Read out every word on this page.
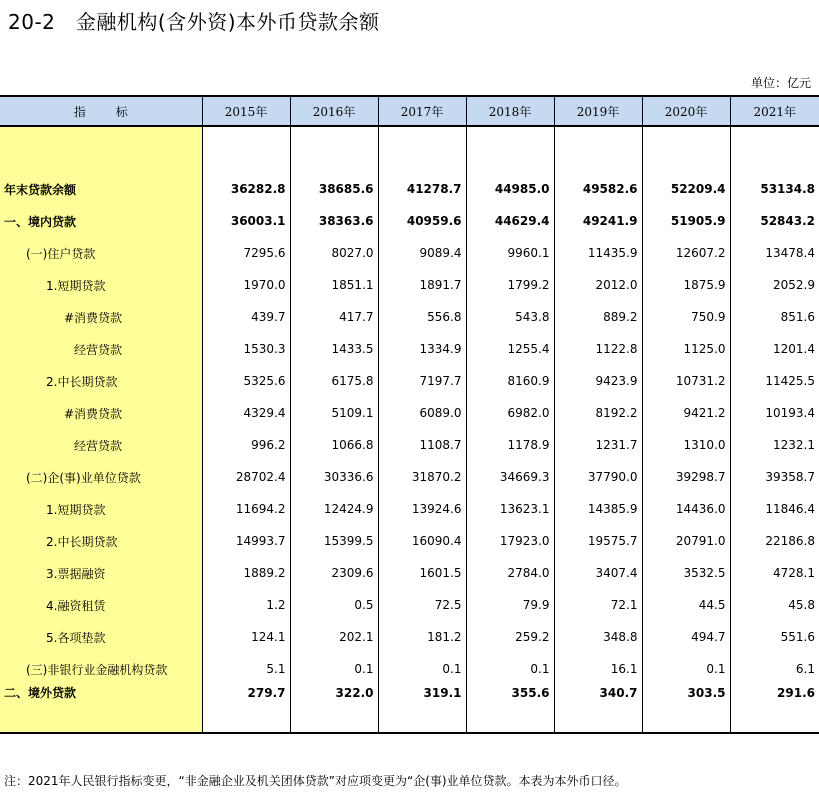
20-2　金融机构(含外资)本外币贷款余额
单位：亿元
指标	2015年	2016年	2017年	2018年	2019年	2020年	2021年

年末贷款余额	36282.8	38685.6	41278.7	44985.0	49582.6	52209.4	53134.8
一、境内贷款	36003.1	38363.6	40959.6	44629.4	49241.9	51905.9	52843.2
(一)住户贷款	7295.6	8027.0	9089.4	9960.1	11435.9	12607.2	13478.4
1.短期贷款	1970.0	1851.1	1891.7	1799.2	2012.0	1875.9	2052.9
#消费贷款	439.7	417.7	556.8	543.8	889.2	750.9	851.6
经营贷款	1530.3	1433.5	1334.9	1255.4	1122.8	1125.0	1201.4
2.中长期贷款	5325.6	6175.8	7197.7	8160.9	9423.9	10731.2	11425.5
#消费贷款	4329.4	5109.1	6089.0	6982.0	8192.2	9421.2	10193.4
经营贷款	996.2	1066.8	1108.7	1178.9	1231.7	1310.0	1232.1
(二)企(事)业单位贷款	28702.4	30336.6	31870.2	34669.3	37790.0	39298.7	39358.7
1.短期贷款	11694.2	12424.9	13924.6	13623.1	14385.9	14436.0	11846.4
2.中长期贷款	14993.7	15399.5	16090.4	17923.0	19575.7	20791.0	22186.8
3.票据融资	1889.2	2309.6	1601.5	2784.0	3407.4	3532.5	4728.1
4.融资租赁	1.2	0.5	72.5	79.9	72.1	44.5	45.8
5.各项垫款	124.1	202.1	181.2	259.2	348.8	494.7	551.6
(三)非银行业金融机构贷款	5.1	0.1	0.1	0.1	16.1	0.1	6.1
二、境外贷款	279.7	322.0	319.1	355.6	340.7	303.5	291.6
注：2021年人民银行指标变更，“非金融企业及机关团体贷款”对应项变更为“企(事)业单位贷款。本表为本外币口径。
